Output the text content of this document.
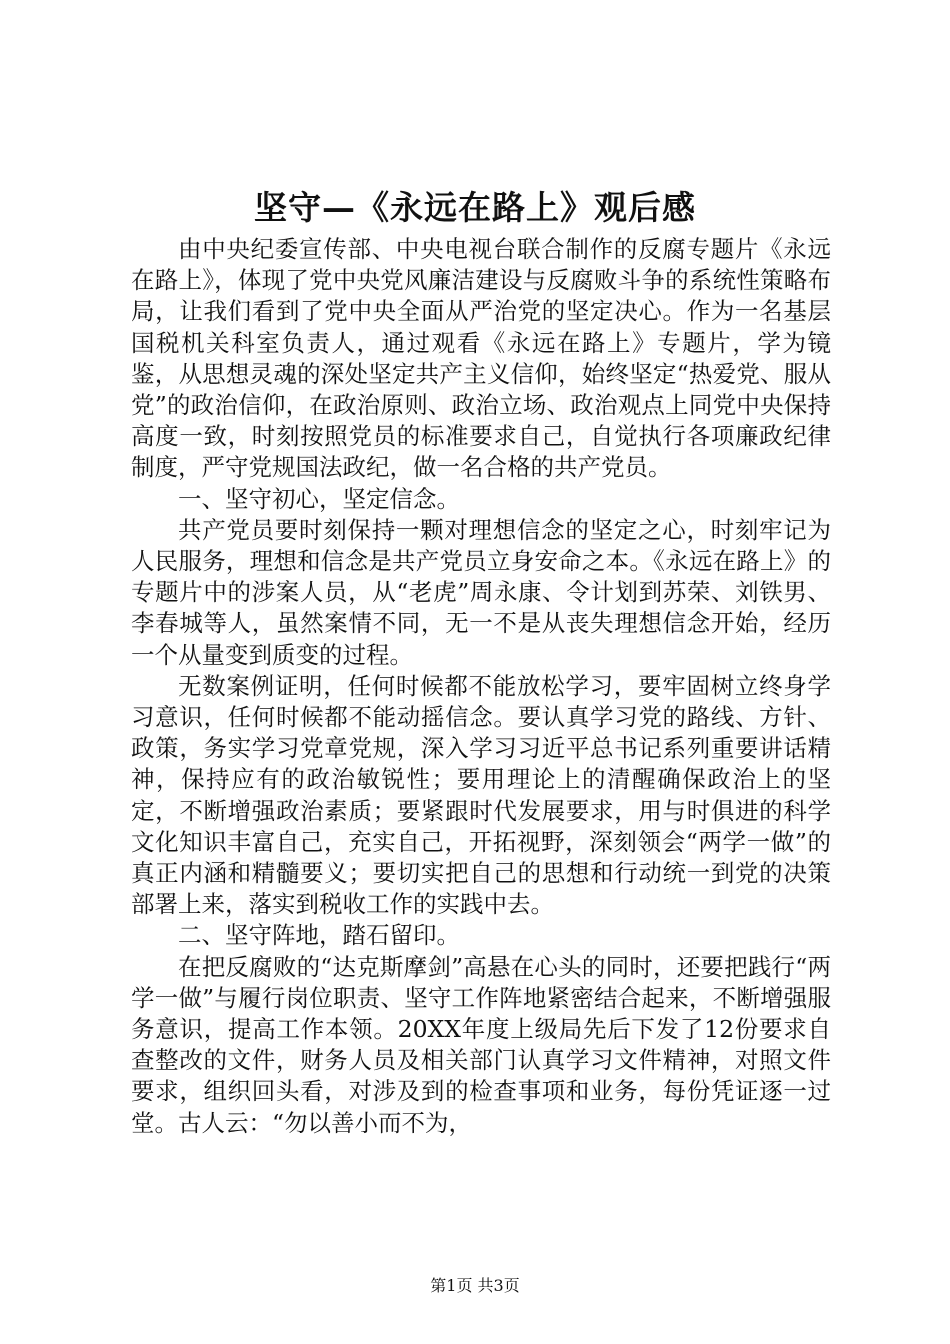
坚守—《永远在路上》观后感

由中央纪委宣传部、中央电视台联合制作的反腐专题片《永远在路上》，体现了党中央党风廉洁建设与反腐败斗争的系统性策略布局，让我们看到了党中央全面从严治党的坚定决心。作为一名基层国税机关科室负责人，通过观看《永远在路上》专题片，学为镜鉴，从思想灵魂的深处坚定共产主义信仰，始终坚定“热爱党、服从党”的政治信仰，在政治原则、政治立场、政治观点上同党中央保持高度一致，时刻按照党员的标准要求自己，自觉执行各项廉政纪律制度，严守党规国法政纪，做一名合格的共产党员。

一、坚守初心，坚定信念。

共产党员要时刻保持一颗对理想信念的坚定之心，时刻牢记为人民服务，理想和信念是共产党员立身安命之本。《永远在路上》的专题片中的涉案人员，从“老虎”周永康、令计划到苏荣、刘铁男、李春城等人，虽然案情不同，无一不是从丧失理想信念开始，经历一个从量变到质变的过程。

无数案例证明，任何时候都不能放松学习，要牢固树立终身学习意识，任何时候都不能动摇信念。要认真学习党的路线、方针、政策，务实学习党章党规，深入学习习近平总书记系列重要讲话精神，保持应有的政治敏锐性；要用理论上的清醒确保政治上的坚定，不断增强政治素质；要紧跟时代发展要求，用与时俱进的科学文化知识丰富自己，充实自己，开拓视野，深刻领会“两学一做”的真正内涵和精髓要义；要切实把自己的思想和行动统一到党的决策部署上来，落实到税收工作的实践中去。

二、坚守阵地，踏石留印。

在把反腐败的“达克斯摩剑”高悬在心头的同时，还要把践行“两学一做”与履行岗位职责、坚守工作阵地紧密结合起来，不断增强服务意识，提高工作本领。20XX年度上级局先后下发了12份要求自查整改的文件，财务人员及相关部门认真学习文件精神，对照文件要求，组织回头看，对涉及到的检查事项和业务，每份凭证逐一过堂。古人云：“勿以善小而不为，

第1页 共3页
